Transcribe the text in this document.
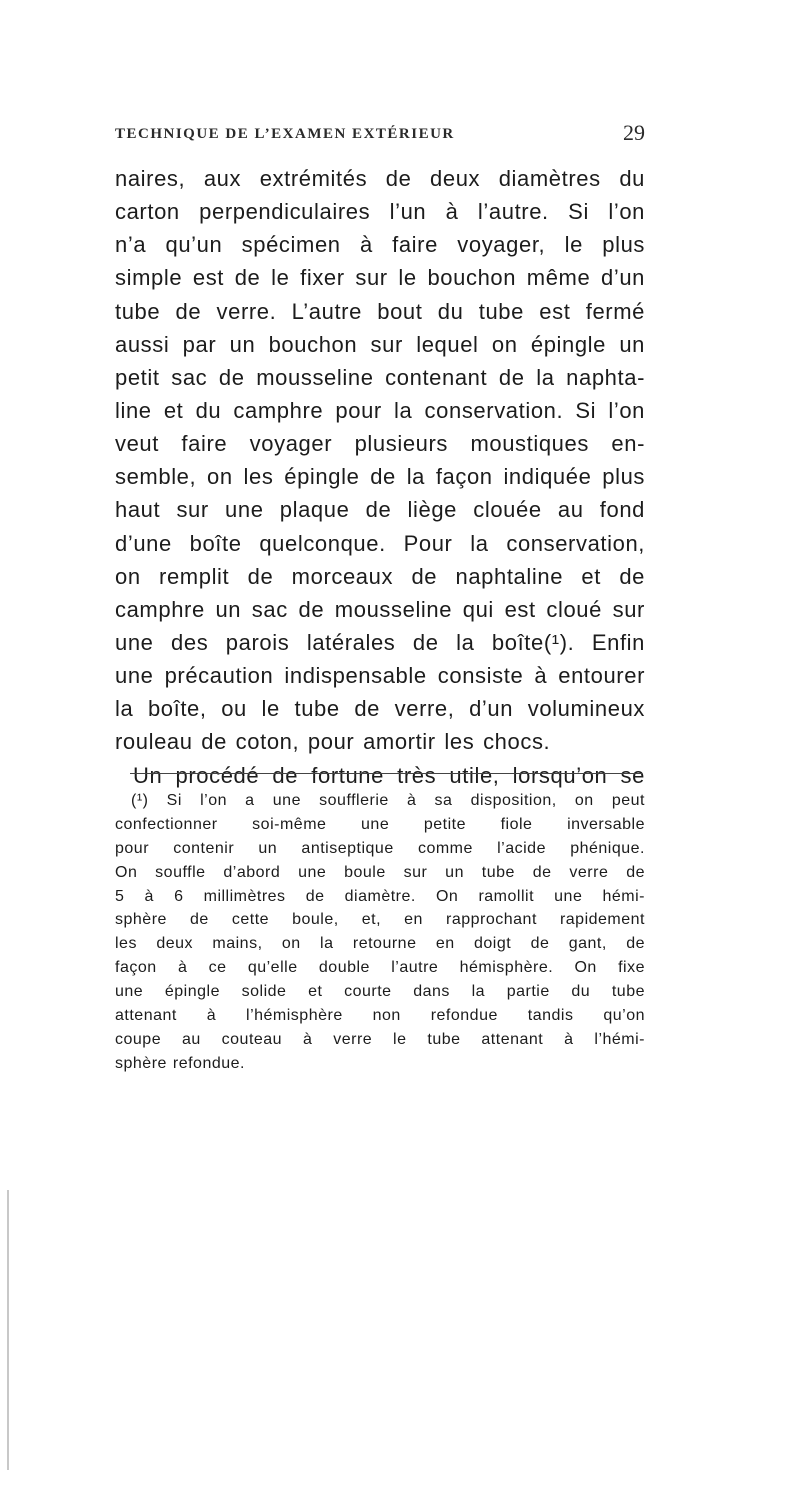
TECHNIQUE DE L’EXAMEN EXTÉRIEUR	29
naires, aux extrémités de deux diamètres du
carton perpendiculaires l’un à l’autre. Si l’on
n’a qu’un spécimen à faire voyager, le plus
simple est de le fixer sur le bouchon même d’un
tube de verre. L’autre bout du tube est fermé
aussi par un bouchon sur lequel on épingle un
petit sac de mousseline contenant de la naphta-
line et du camphre pour la conservation. Si l’on
veut faire voyager plusieurs moustiques en-
semble, on les épingle de la façon indiquée plus
haut sur une plaque de liège clouée au fond
d’une boîte quelconque. Pour la conservation,
on remplit de morceaux de naphtaline et de
camphre un sac de mousseline qui est cloué sur
une des parois latérales de la boîte(¹). Enfin
une précaution indispensable consiste à entourer
la boîte, ou le tube de verre, d’un volumineux
rouleau de coton, pour amortir les chocs.
Un procédé de fortune très utile, lorsqu’on se
(¹) Si l’on a une soufflerie à sa disposition, on peut
confectionner soi-même une petite fiole inversable
pour contenir un antiseptique comme l’acide phénique.
On souffle d’abord une boule sur un tube de verre de
5 à 6 millimètres de diamètre. On ramollit une hémi-
sphère de cette boule, et, en rapprochant rapidement
les deux mains, on la retourne en doigt de gant, de
façon à ce qu’elle double l’autre hémisphère. On fixe
une épingle solide et courte dans la partie du tube
attenant à l’hémisphère non refondue tandis qu’on
coupe au couteau à verre le tube attenant à l’hémi-
sphère refondue.
